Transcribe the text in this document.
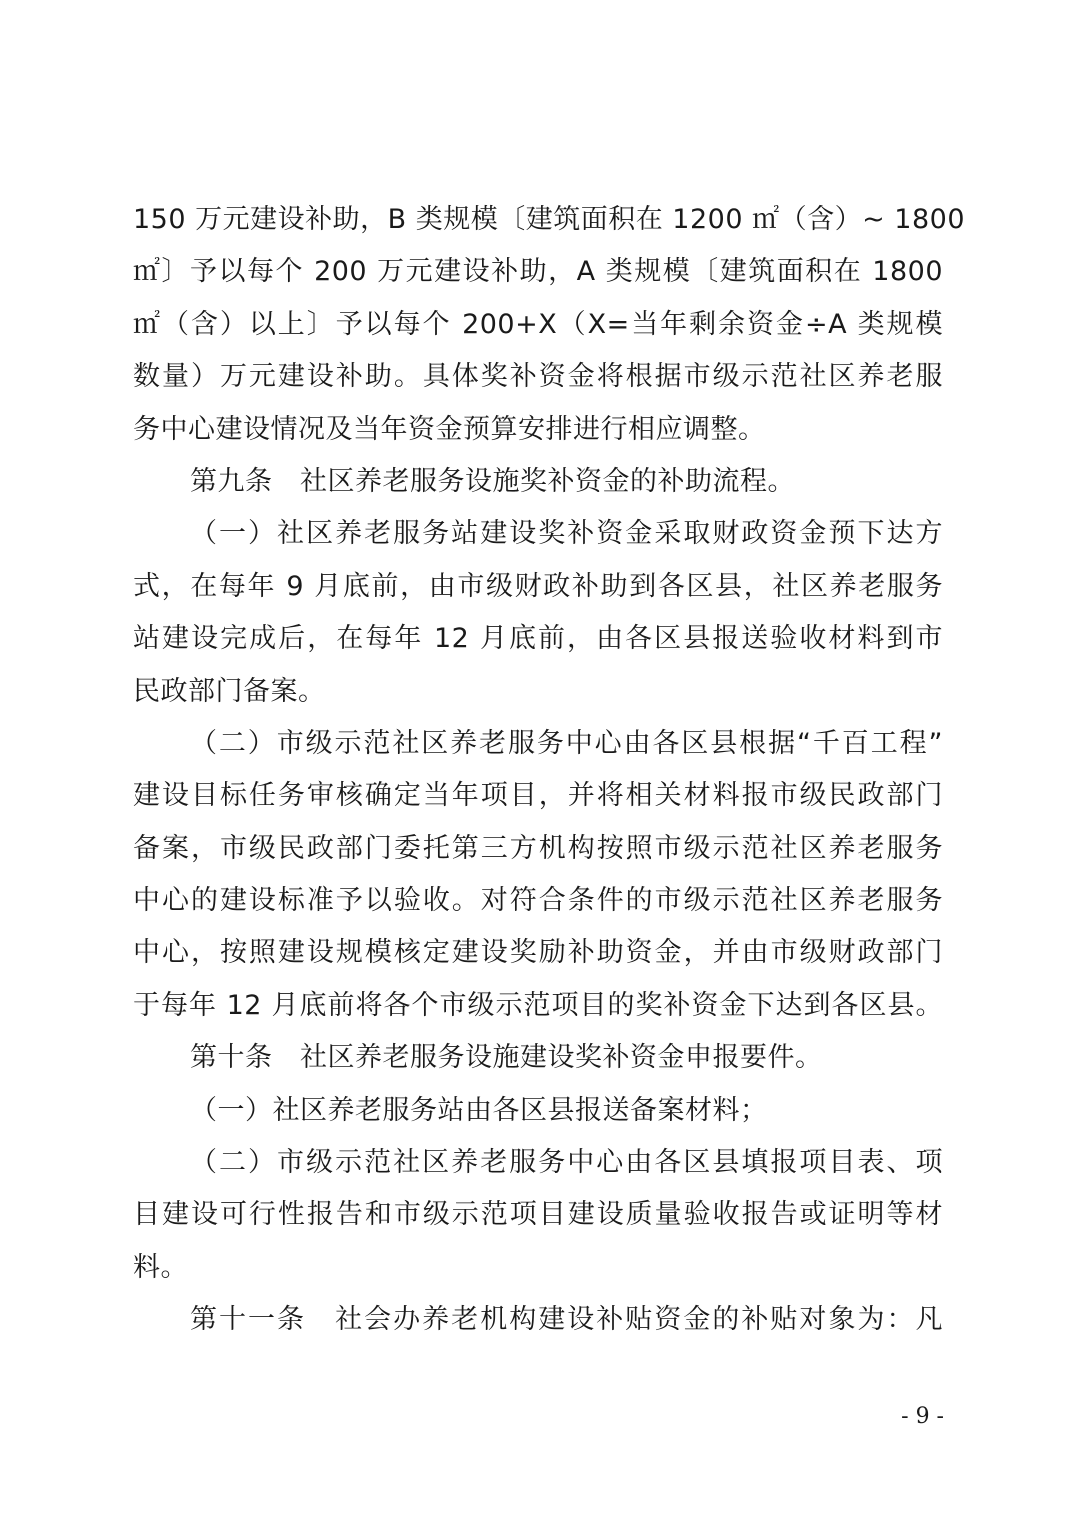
150 万元建设补助，B 类规模〔建筑面积在 1200 ㎡（含）~ 1800
㎡〕予以每个 200 万元建设补助，A 类规模〔建筑面积在 1800
㎡（含）以上〕予以每个 200+X（X=当年剩余资金÷A 类规模
数量）万元建设补助。具体奖补资金将根据市级示范社区养老服
务中心建设情况及当年资金预算安排进行相应调整。
第九条　社区养老服务设施奖补资金的补助流程。
（一）社区养老服务站建设奖补资金采取财政资金预下达方
式，在每年 9 月底前，由市级财政补助到各区县，社区养老服务
站建设完成后，在每年 12 月底前，由各区县报送验收材料到市
民政部门备案。
（二）市级示范社区养老服务中心由各区县根据“千百工程”
建设目标任务审核确定当年项目，并将相关材料报市级民政部门
备案，市级民政部门委托第三方机构按照市级示范社区养老服务
中心的建设标准予以验收。对符合条件的市级示范社区养老服务
中心，按照建设规模核定建设奖励补助资金，并由市级财政部门
于每年 12 月底前将各个市级示范项目的奖补资金下达到各区县。
第十条　社区养老服务设施建设奖补资金申报要件。
（一）社区养老服务站由各区县报送备案材料；
（二）市级示范社区养老服务中心由各区县填报项目表、项
目建设可行性报告和市级示范项目建设质量验收报告或证明等材
料。
第十一条　社会办养老机构建设补贴资金的补贴对象为：凡
- 9 -
